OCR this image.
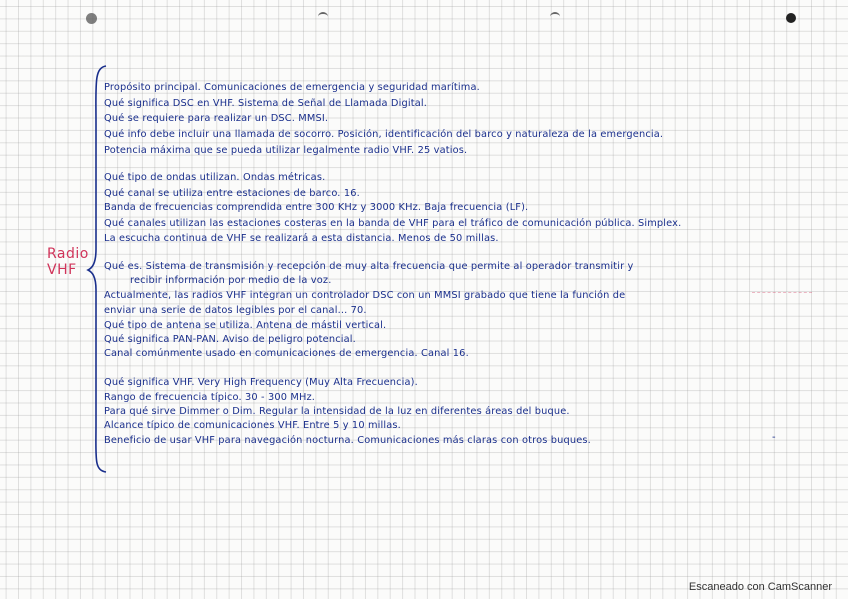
Radio
VHF
Propósito principal. Comunicaciones de emergencia y seguridad marítima.
Qué significa DSC en VHF. Sistema de Señal de Llamada Digital.
Qué se requiere para realizar un DSC. MMSI.
Qué info debe incluir una llamada de socorro. Posición, identificación del barco y naturaleza de la emergencia.
Potencia máxima que se pueda utilizar legalmente radio VHF. 25 vatios.
Qué tipo de ondas utilizan. Ondas métricas.
Qué canal se utiliza entre estaciones de barco. 16.
Banda de frecuencias comprendida entre 300 KHz y 3000 KHz. Baja frecuencia (LF).
Qué canales utilizan las estaciones costeras en la banda de VHF para el tráfico de comunicación pública. Simplex.
La escucha continua de VHF se realizará a esta distancia. Menos de 50 millas.
Qué es. Sistema de transmisión y recepción de muy alta frecuencia que permite al operador transmitir y
recibir información por medio de la voz.
Actualmente, las radios VHF integran un controlador DSC con un MMSI grabado que tiene la función de
enviar una serie de datos legibles por el canal... 70.
Qué tipo de antena se utiliza. Antena de mástil vertical.
Qué significa PAN-PAN. Aviso de peligro potencial.
Canal comúnmente usado en comunicaciones de emergencia. Canal 16.
Qué significa VHF. Very High Frequency (Muy Alta Frecuencia).
Rango de frecuencia típico. 30 - 300 MHz.
Para qué sirve Dimmer o Dim. Regular la intensidad de la luz en diferentes áreas del buque.
Alcance típico de comunicaciones VHF. Entre 5 y 10 millas.
Beneficio de usar VHF para navegación nocturna. Comunicaciones más claras con otros buques.	-
Escaneado con CamScanner
